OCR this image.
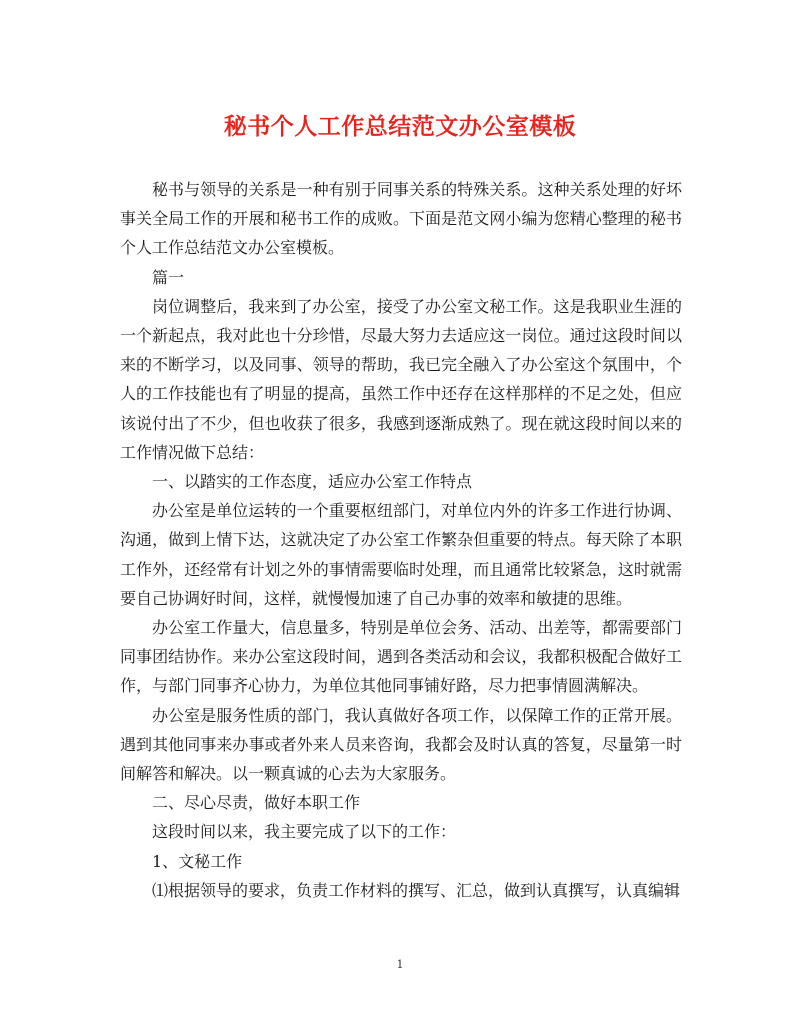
秘书个人工作总结范文办公室模板

秘书与领导的关系是一种有别于同事关系的特殊关系。这种关系处理的好坏事关全局工作的开展和秘书工作的成败。下面是范文网小编为您精心整理的秘书个人工作总结范文办公室模板。

篇一

岗位调整后，我来到了办公室，接受了办公室文秘工作。这是我职业生涯的一个新起点，我对此也十分珍惜，尽最大努力去适应这一岗位。通过这段时间以来的不断学习，以及同事、领导的帮助，我已完全融入了办公室这个氛围中，个人的工作技能也有了明显的提高，虽然工作中还存在这样那样的不足之处，但应该说付出了不少，但也收获了很多，我感到逐渐成熟了。现在就这段时间以来的工作情况做下总结：

一、以踏实的工作态度，适应办公室工作特点

办公室是单位运转的一个重要枢纽部门，对单位内外的许多工作进行协调、沟通，做到上情下达，这就决定了办公室工作繁杂但重要的特点。每天除了本职工作外，还经常有计划之外的事情需要临时处理，而且通常比较紧急，这时就需要自己协调好时间，这样，就慢慢加速了自己办事的效率和敏捷的思维。

办公室工作量大，信息量多，特别是单位会务、活动、出差等，都需要部门同事团结协作。来办公室这段时间，遇到各类活动和会议，我都积极配合做好工作，与部门同事齐心协力，为单位其他同事铺好路，尽力把事情圆满解决。

办公室是服务性质的部门，我认真做好各项工作，以保障工作的正常开展。遇到其他同事来办事或者外来人员来咨询，我都会及时认真的答复，尽量第一时间解答和解决。以一颗真诚的心去为大家服务。

二、尽心尽责，做好本职工作

这段时间以来，我主要完成了以下的工作：

1、文秘工作

⑴根据领导的要求，负责工作材料的撰写、汇总，做到认真撰写，认真编辑

1
